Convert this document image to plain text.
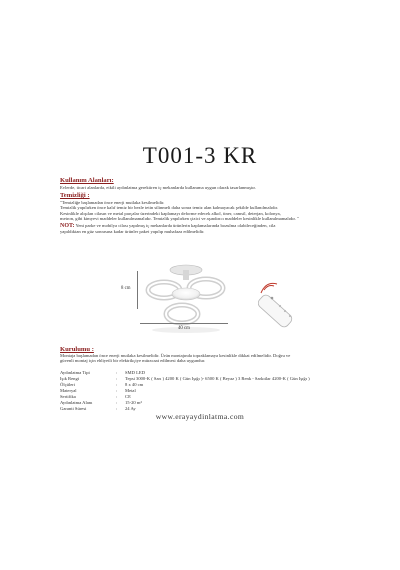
T001-3 KR
Kullanım Alanları:
Evlerde, ticari alanlarda, etkili aydınlatma gerektiren iç mekanlarda kullanıma uygun olarak tasarlanmıştır.
Temizliği :
"Temizliğe başlamadan önce enerji mutlaka kesilmelidir.
Temizlik yapılırken önce kalıf temiz bir bezle tetin silinmeli daha sonra temiz alan kalmayacak şekilde kullanılmalıdır.
Kesinlikle alışılan cilasın ve metal parçalar üzerindeki kaplamayı deforme edecek alkol, tiner, camsil, deterjan, kolonya,
metron, gibi kimyevi maddeler kullanılmamalıdır. Temizlik yapılırken çizici ve aşındırıcı maddeler kesinlikle kullanılmamalıdır. "
NOT: Yeni parke ve mobilya cilası yapılmış iç mekanlarda ürünlerin kaplamalarında bozulma olabileceğinden, cila
yapıldıktan en güz sonrasına kadar ürünler paket yapılıp muhafaza edilmelidir.
8 cm
40 cm
Kurulumu :
Montaja başlamadan önce enerji mutlaka kesilmelidir. Ürün montajında topraklamaya kesinlikle dikkat edilmelidir. Doğru ve
güvenli montaj için ehliyetli bir elektrikçiye müracaat edilmesi daha uygundur.
Aydınlatma Tipi	:	SMD LED
Işık Rengi	:	Tepsi 3000-K ( Sarı ) 4200 K ( Gün Işığı )- 6500 K ( Beyaz ) 3 Renk - Sarkıtlar 4200-K ( Gün Işığı )
Ölçüleri	:	8 x 40 cm
Materyal	:	Metal
Sertifika	:	CE
Aydınlatma Alanı	:	15-20 m²
Garanti Süresi	:	24 Ay
www.erayaydinlatma.com
